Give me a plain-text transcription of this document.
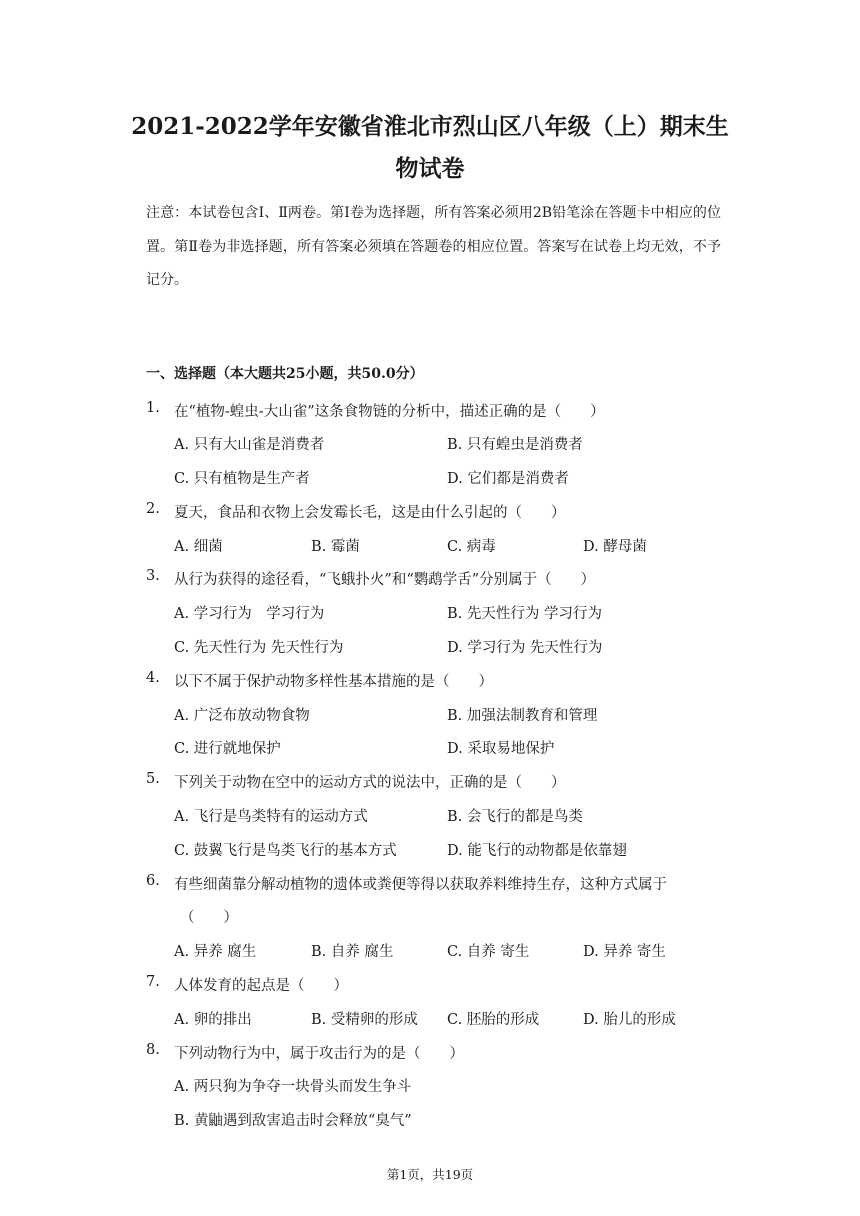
2021-2022学年安徽省淮北市烈山区八年级（上）期末生
物试卷
注意：本试卷包含Ⅰ、Ⅱ两卷。第Ⅰ卷为选择题，所有答案必须用2B铅笔涂在答题卡中相应的位置。第Ⅱ卷为非选择题，所有答案必须填在答题卷的相应位置。答案写在试卷上均无效，不予记分。
一、选择题（本大题共25小题，共50.0分）
1. 在“植物-蝗虫-大山雀”这条食物链的分析中，描述正确的是（　　）
A. 只有大山雀是消费者	B. 只有蝗虫是消费者
C. 只有植物是生产者	D. 它们都是消费者
2. 夏天，食品和衣物上会发霉长毛，这是由什么引起的（　　）
A. 细菌	B. 霉菌	C. 病毒	D. 酵母菌
3. 从行为获得的途径看，“飞蛾扑火”和“鹦鹉学舌”分别属于（　　）
A. 学习行为　学习行为	B. 先天性行为 学习行为
C. 先天性行为 先天性行为	D. 学习行为 先天性行为
4. 以下不属于保护动物多样性基本措施的是（　　）
A. 广泛布放动物食物	B. 加强法制教育和管理
C. 进行就地保护	D. 采取易地保护
5. 下列关于动物在空中的运动方式的说法中，正确的是（　　）
A. 飞行是鸟类特有的运动方式	B. 会飞行的都是鸟类
C. 鼓翼飞行是鸟类飞行的基本方式	D. 能飞行的动物都是依靠翅
6. 有些细菌靠分解动植物的遗体或粪便等得以获取养料维持生存，这种方式属于
（　　）
A. 异养 腐生	B. 自养 腐生	C. 自养 寄生	D. 异养 寄生
7. 人体发育的起点是（　　）
A. 卵的排出	B. 受精卵的形成 C. 胚胎的形成	D. 胎儿的形成
8. 下列动物行为中，属于攻击行为的是（　　）
A. 两只狗为争夺一块骨头而发生争斗
B. 黄鼬遇到敌害追击时会释放“臭气”
第1页，共19页
